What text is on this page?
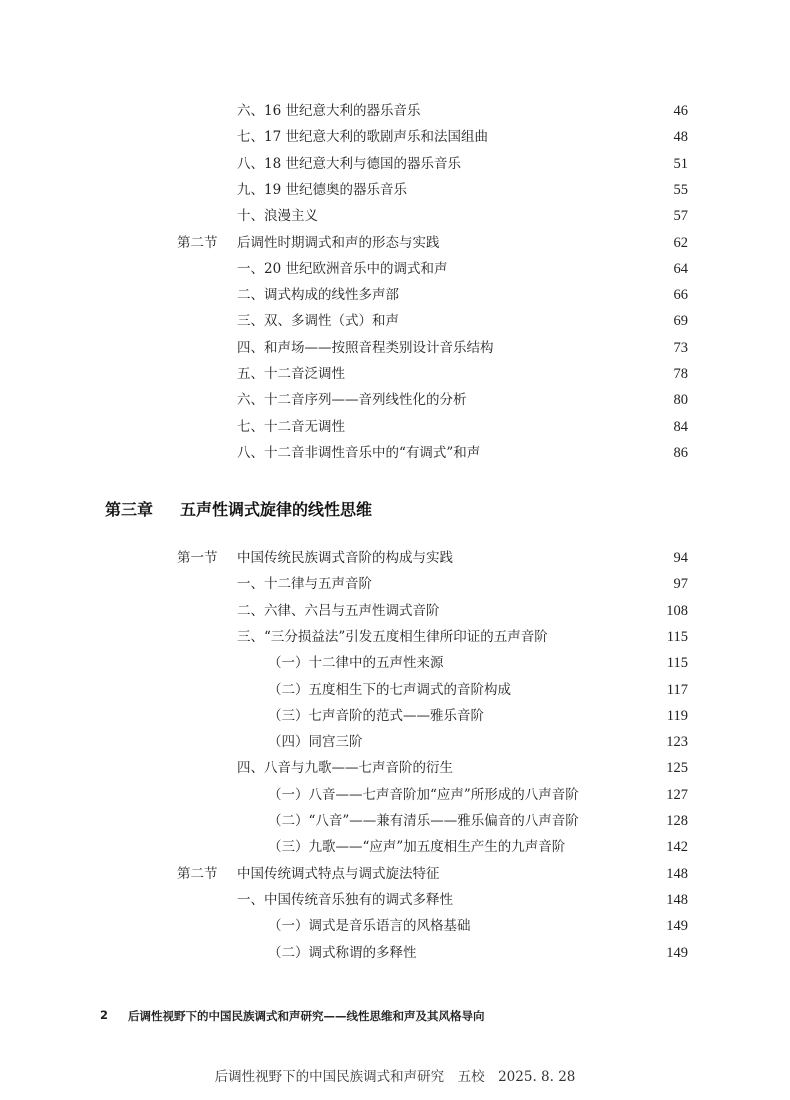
六、16 世纪意大利的器乐音乐	46
七、17 世纪意大利的歌剧声乐和法国组曲	48
八、18 世纪意大利与德国的器乐音乐	51
九、19 世纪德奥的器乐音乐	55
十、浪漫主义	57
第二节 后调性时期调式和声的形态与实践	62
一、20 世纪欧洲音乐中的调式和声	64
二、调式构成的线性多声部	66
三、双、多调性（式）和声	69
四、和声场——按照音程类别设计音乐结构	73
五、十二音泛调性	78
六、十二音序列——音列线性化的分析	80
七、十二音无调性	84
八、十二音非调性音乐中的“有调式”和声	86
第三章 五声性调式旋律的线性思维
第一节 中国传统民族调式音阶的构成与实践	94
一、十二律与五声音阶	97
二、六律、六吕与五声性调式音阶	108
三、“三分损益法”引发五度相生律所印证的五声音阶	115
（一）十二律中的五声性来源	115
（二）五度相生下的七声调式的音阶构成	117
（三）七声音阶的范式——雅乐音阶	119
（四）同宫三阶	123
四、八音与九歌——七声音阶的衍生	125
（一）八音——七声音阶加“应声”所形成的八声音阶	127
（二）“八音”——兼有清乐——雅乐偏音的八声音阶	128
（三）九歌——“应声”加五度相生产生的九声音阶	142
第二节 中国传统调式特点与调式旋法特征	148
一、中国传统音乐独有的调式多释性	148
（一）调式是音乐语言的风格基础	149
（二）调式称谓的多释性	149
2 后调性视野下的中国民族调式和声研究——线性思维和声及其风格导向
后调性视野下的中国民族调式和声研究　五校　2025. 8. 28
